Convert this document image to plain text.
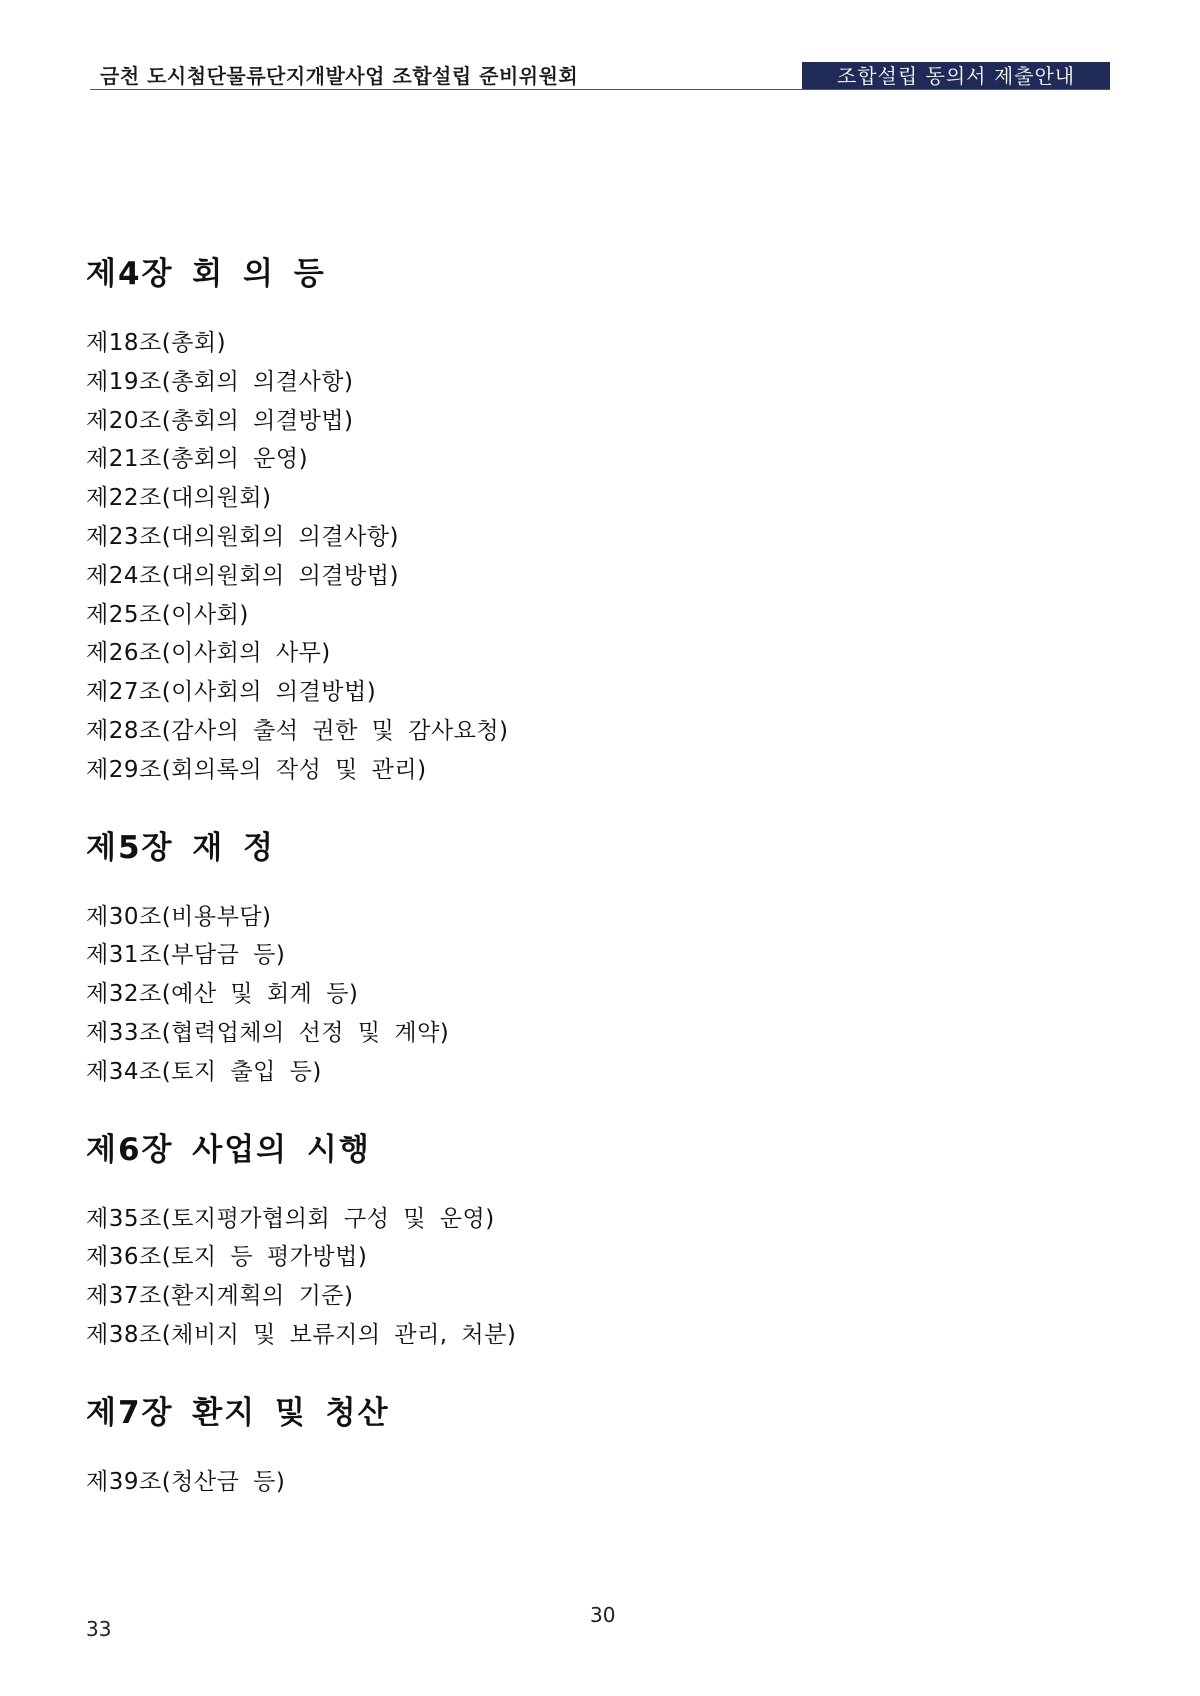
금천 도시첨단물류단지개발사업 조합설립 준비위원회	조합설립 동의서 제출안내
제4장 회 의 등
제18조(총회)
제19조(총회의 의결사항)
제20조(총회의 의결방법)
제21조(총회의 운영)
제22조(대의원회)
제23조(대의원회의 의결사항)
제24조(대의원회의 의결방법)
제25조(이사회)
제26조(이사회의 사무)
제27조(이사회의 의결방법)
제28조(감사의 출석 권한 및 감사요청)
제29조(회의록의 작성 및 관리)
제5장 재 정
제30조(비용부담)
제31조(부담금 등)
제32조(예산 및 회계 등)
제33조(협력업체의 선정 및 계약)
제34조(토지 출입 등)
제6장 사업의 시행
제35조(토지평가협의회 구성 및 운영)
제36조(토지 등 평가방법)
제37조(환지계획의 기준)
제38조(체비지 및 보류지의 관리, 처분)
제7장 환지 및 청산
제39조(청산금 등)
30
33
